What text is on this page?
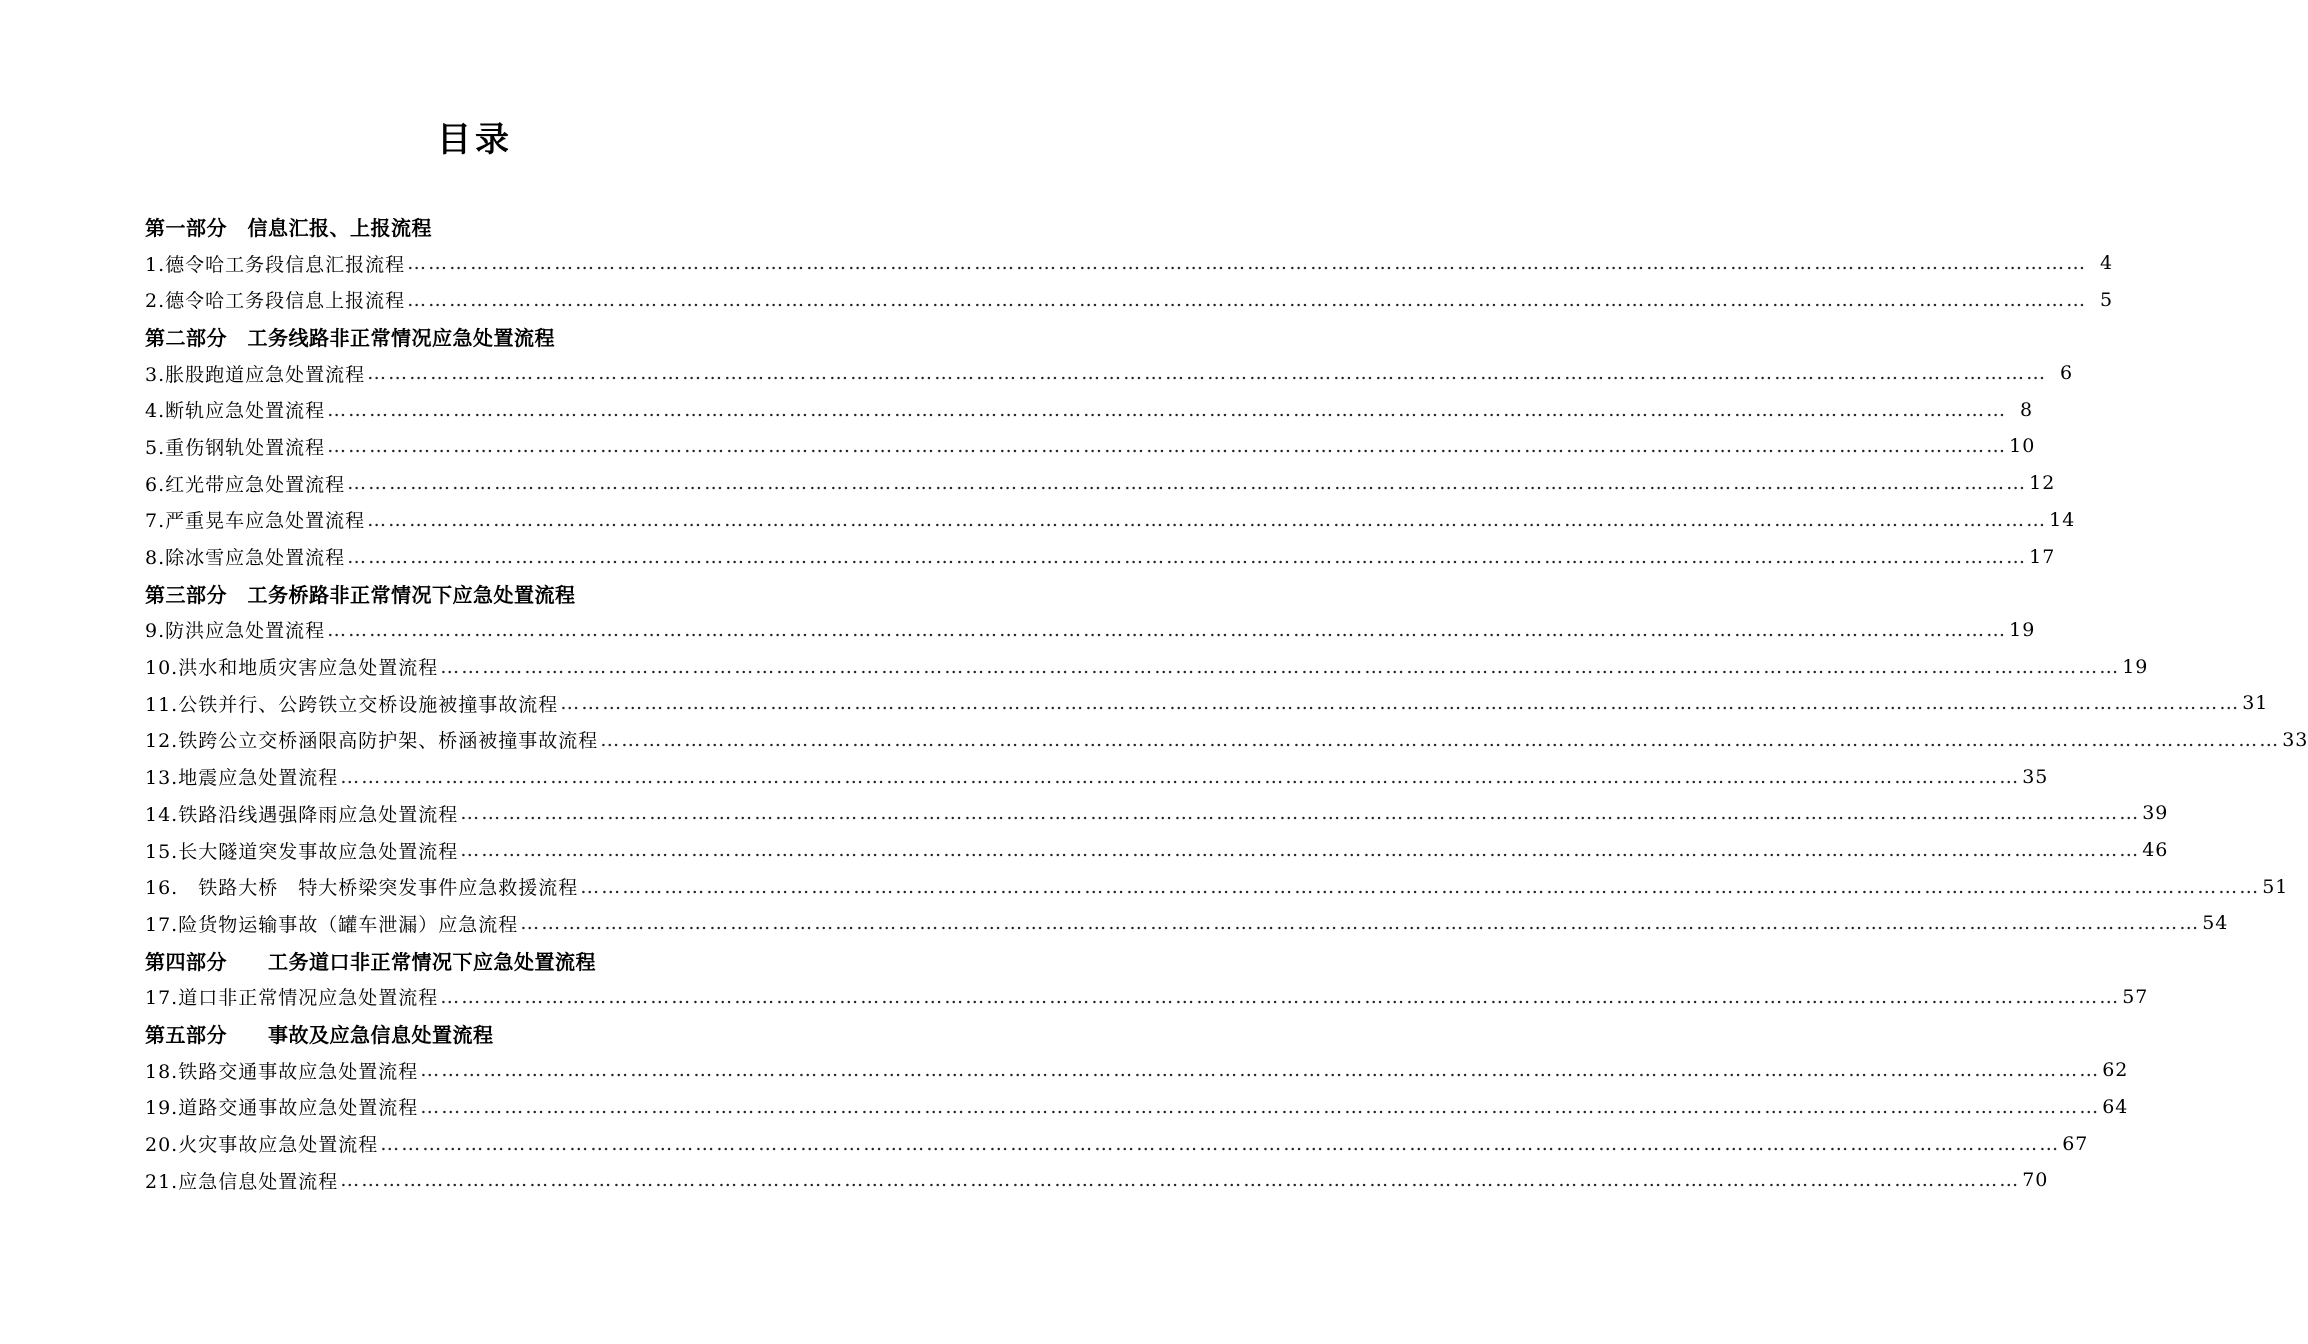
目录
第一部分　信息汇报、上报流程
1.德令哈工务段信息汇报流程 …………………………………………………………………………………………………………………………………………………………………………………………………………………… 4
2.德令哈工务段信息上报流程 …………………………………………………………………………………………………………………………………………………………………………………………………………………… 5
第二部分　工务线路非正常情况应急处置流程
3.胀股跑道应急处置流程 …………………………………………………………………………………………………………………………………………………………………………………………………………………… 6
4.断轨应急处置流程 …………………………………………………………………………………………………………………………………………………………………………………………………………………… 8
5.重伤钢轨处置流程 …………………………………………………………………………………………………………………………………………………………………………………………………………………… 10
6.红光带应急处置流程 …………………………………………………………………………………………………………………………………………………………………………………………………………………… 12
7.严重晃车应急处置流程 …………………………………………………………………………………………………………………………………………………………………………………………………………………… 14
8.除冰雪应急处置流程 …………………………………………………………………………………………………………………………………………………………………………………………………………………… 17
第三部分　工务桥路非正常情况下应急处置流程
9.防洪应急处置流程 …………………………………………………………………………………………………………………………………………………………………………………………………………………… 19
10.洪水和地质灾害应急处置流程 …………………………………………………………………………………………………………………………………………………………………………………………………………………… 19
11.公铁并行、公跨铁立交桥设施被撞事故流程 …………………………………………………………………………………………………………………………………………………………………………………………………………………… 31
12.铁跨公立交桥涵限高防护架、桥涵被撞事故流程 …………………………………………………………………………………………………………………………………………………………………………………………………………………… 33
13.地震应急处置流程 …………………………………………………………………………………………………………………………………………………………………………………………………………………… 35
14.铁路沿线遇强降雨应急处置流程 …………………………………………………………………………………………………………………………………………………………………………………………………………………… 39
15.长大隧道突发事故应急处置流程 …………………………………………………………………………………………………………………………………………………………………………………………………………………… 46
16.　铁路大桥　特大桥梁突发事件应急救援流程 …………………………………………………………………………………………………………………………………………………………………………………………………………………… 51
17.险货物运输事故（罐车泄漏）应急流程 …………………………………………………………………………………………………………………………………………………………………………………………………………………… 54
第四部分　　工务道口非正常情况下应急处置流程
17.道口非正常情况应急处置流程 …………………………………………………………………………………………………………………………………………………………………………………………………………………… 57
第五部分　　事故及应急信息处置流程
18.铁路交通事故应急处置流程 …………………………………………………………………………………………………………………………………………………………………………………………………………………… 62
19.道路交通事故应急处置流程 …………………………………………………………………………………………………………………………………………………………………………………………………………………… 64
20.火灾事故应急处置流程 …………………………………………………………………………………………………………………………………………………………………………………………………………………… 67
21.应急信息处置流程 …………………………………………………………………………………………………………………………………………………………………………………………………………………… 70
